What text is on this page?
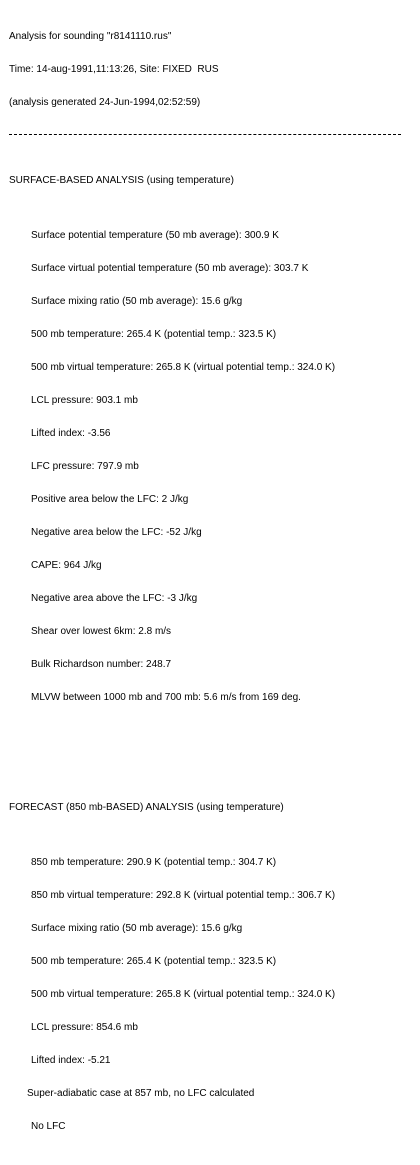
Analysis for sounding "r8141110.rus"

Time: 14-aug-1991,11:13:26, Site: FIXED  RUS

(analysis generated 24-Jun-1994,02:52:59)

SURFACE-BASED ANALYSIS (using temperature)

Surface potential temperature (50 mb average): 300.9 K

Surface virtual potential temperature (50 mb average): 303.7 K

Surface mixing ratio (50 mb average): 15.6 g/kg

500 mb temperature: 265.4 K (potential temp.: 323.5 K)

500 mb virtual temperature: 265.8 K (virtual potential temp.: 324.0 K)

LCL pressure: 903.1 mb

Lifted index: -3.56

LFC pressure: 797.9 mb

Positive area below the LFC: 2 J/kg

Negative area below the LFC: -52 J/kg

CAPE: 964 J/kg

Negative area above the LFC: -3 J/kg

Shear over lowest 6km: 2.8 m/s

Bulk Richardson number: 248.7

MLVW between 1000 mb and 700 mb: 5.6 m/s from 169 deg.

FORECAST (850 mb-BASED) ANALYSIS (using temperature)

850 mb temperature: 290.9 K (potential temp.: 304.7 K)

850 mb virtual temperature: 292.8 K (virtual potential temp.: 306.7 K)

Surface mixing ratio (50 mb average): 15.6 g/kg

500 mb temperature: 265.4 K (potential temp.: 323.5 K)

500 mb virtual temperature: 265.8 K (virtual potential temp.: 324.0 K)

LCL pressure: 854.6 mb

Lifted index: -5.21

Super-adiabatic case at 857 mb, no LFC calculated

No LFC
